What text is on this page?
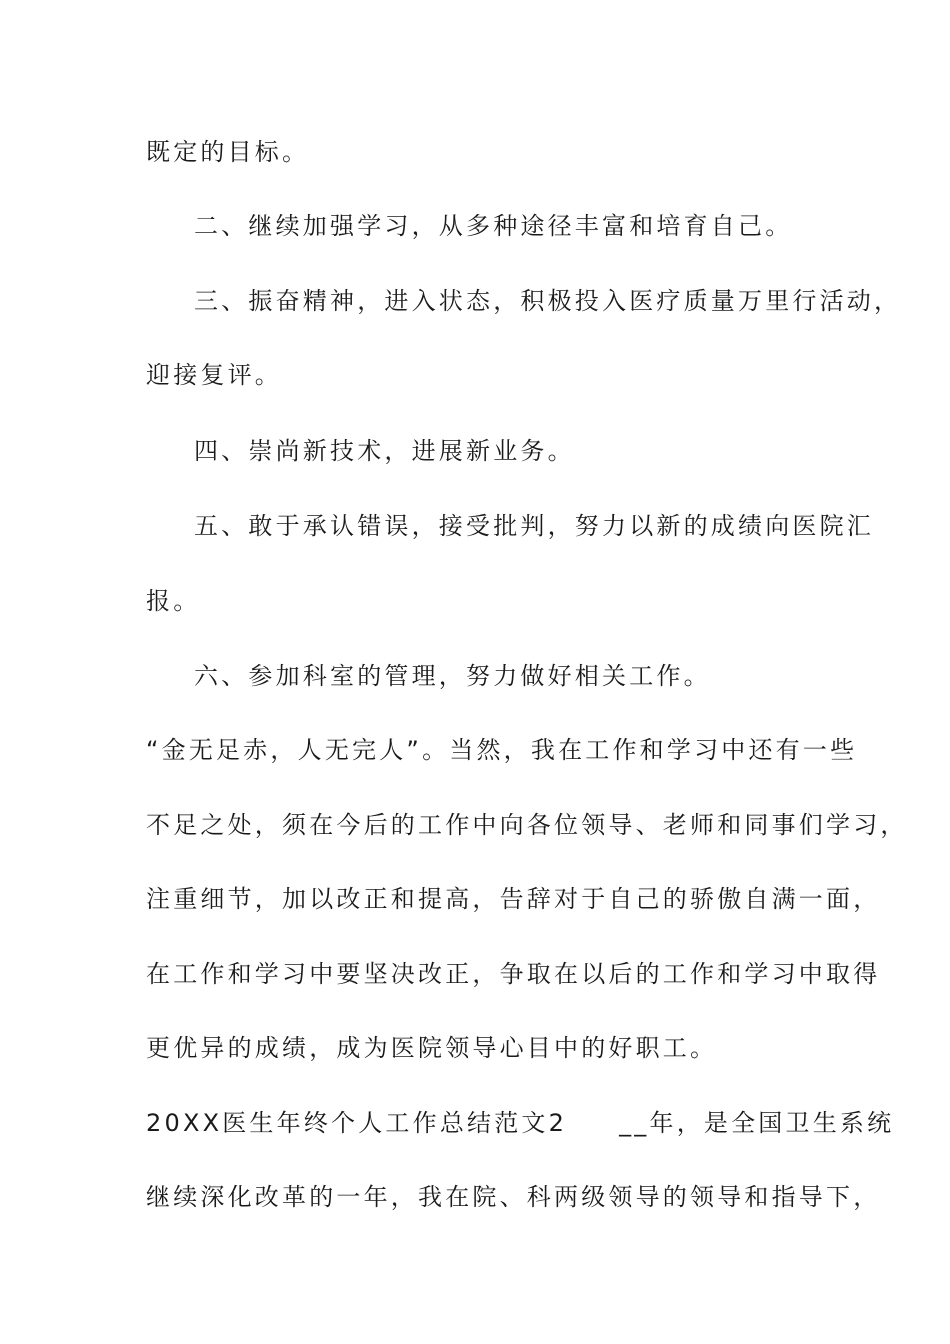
既定的目标。
二、继续加强学习，从多种途径丰富和培育自己。
三、振奋精神，进入状态，积极投入医疗质量万里行活动，
迎接复评。
四、崇尚新技术，进展新业务。
五、敢于承认错误，接受批判，努力以新的成绩向医院汇
报。
六、参加科室的管理，努力做好相关工作。
“金无足赤，人无完人”。当然，我在工作和学习中还有一些
不足之处，须在今后的工作中向各位领导、老师和同事们学习，
注重细节，加以改正和提高，告辞对于自己的骄傲自满一面，
在工作和学习中要坚决改正，争取在以后的工作和学习中取得
更优异的成绩，成为医院领导心目中的好职工。
20XX医生年终个人工作总结范文2 __年，是全国卫生系统
继续深化改革的一年，我在院、科两级领导的领导和指导下，
